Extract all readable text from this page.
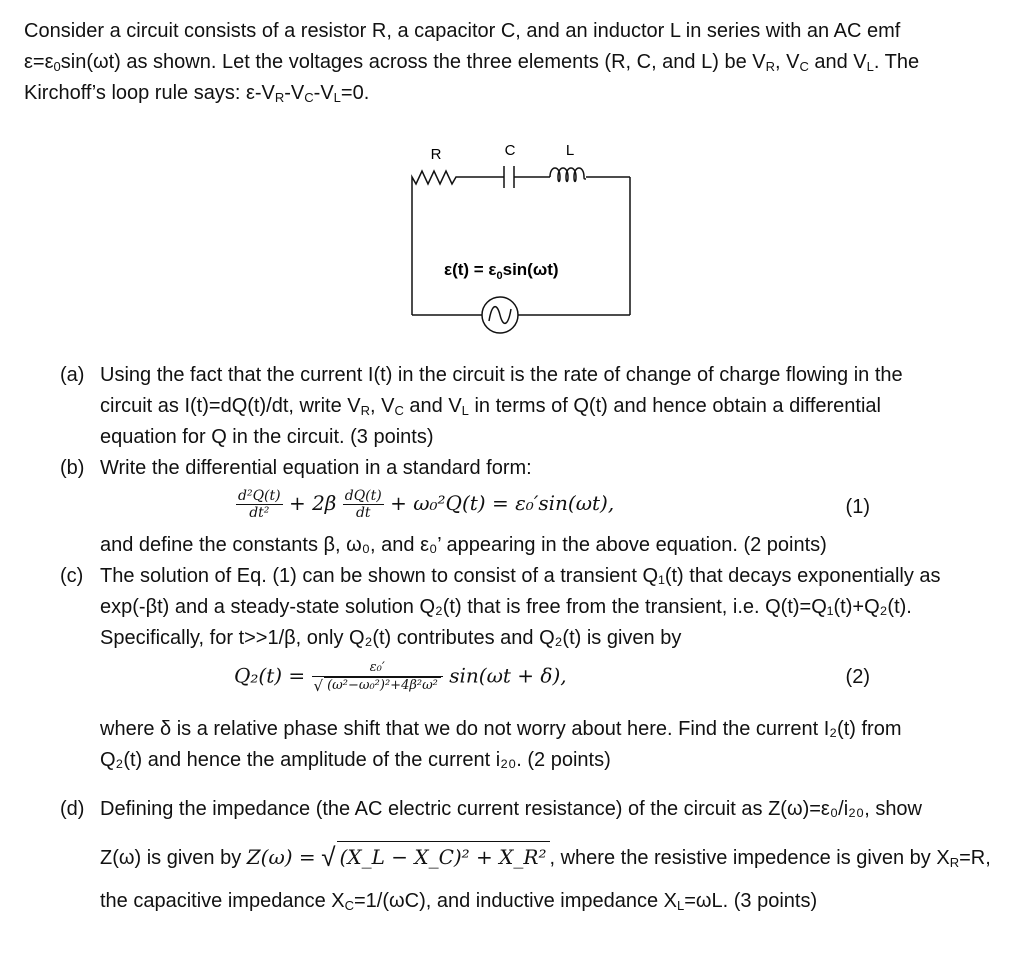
Consider a circuit consists of a resistor R, a capacitor C, and an inductor L in series with an AC emf

$\varepsilon=\varepsilon_0\sin(\omega t)$ as shown. Let the voltages across the three elements (R, C, and L) be $V_R$, $V_C$ and $V_L$. The

Kirchoff’s loop rule says: $\varepsilon-V_R-V_C-V_L=0$.

R	C	L
$\varepsilon(t) = \varepsilon_0\sin(\omega t)$
(a) Using the fact that the current I(t) in the circuit is the rate of change of charge flowing in the

circuit as I(t)=dQ(t)/dt, write $V_R$, $V_C$ and $V_L$ in terms of Q(t) and hence obtain a differential

equation for Q in the circuit. (3 points)

(b) Write the differential equation in a standard form:

$\frac{\text{d²Q(t)}}{\text{dt²}} + 2\beta \frac{dQ(t)}{dt} + \omega_0^2Q(t) = \varepsilon_0'\sin(\omega t)$,	(1)

and define the constants β, ω₀, and ε₀’ appearing in the above equation. (2 points)

(c) The solution of Eq. (1) can be shown to consist of a transient Q₁(t) that decays exponentially as

exp(-βt) and a steady-state solution Q₂(t) that is free from the transient, i.e. Q(t)=Q₁(t)+Q₂(t).

Specifically, for t>>1/β, only Q₂(t) contributes and Q₂(t) is given by

$Q_2(t) = \frac{\text{ε₀′}}{\text{√ (ω²−ω₀²)²+4β²ω²}} \sin(\omega t + \delta)$,	(2)

where δ is a relative phase shift that we do not worry about here. Find the current I₂(t) from

Q₂(t) and hence the amplitude of the current i₂₀. (2 points)

(d) Defining the impedance (the AC electric current resistance) of the circuit as Z(ω)=ε₀/i₂₀, show

Z(ω) is given by Z(ω) = √ (X_L − X_C)² + X_R² , where the resistive impedence is given by $X_R=R$,

the capacitive impedance $X_C=1/(\omega C)$, and inductive impedance $X_L=\omega L$. (3 points)
